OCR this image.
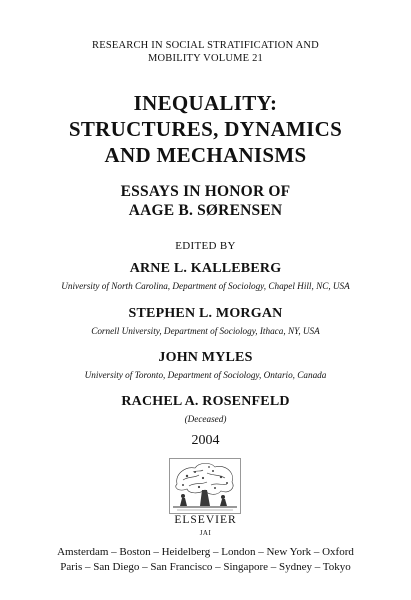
RESEARCH IN SOCIAL STRATIFICATION AND
MOBILITY VOLUME 21
INEQUALITY:
STRUCTURES, DYNAMICS
AND MECHANISMS
ESSAYS IN HONOR OF
AAGE B. SØRENSEN
EDITED BY
ARNE L. KALLEBERG
University of North Carolina, Department of Sociology, Chapel Hill, NC, USA
STEPHEN L. MORGAN
Cornell University, Department of Sociology, Ithaca, NY, USA
JOHN MYLES
University of Toronto, Department of Sociology, Ontario, Canada
RACHEL A. ROSENFELD
(Deceased)
2004
ELSEVIER
JAI
Amsterdam – Boston – Heidelberg – London – New York – Oxford
Paris – San Diego – San Francisco – Singapore – Sydney – Tokyo
